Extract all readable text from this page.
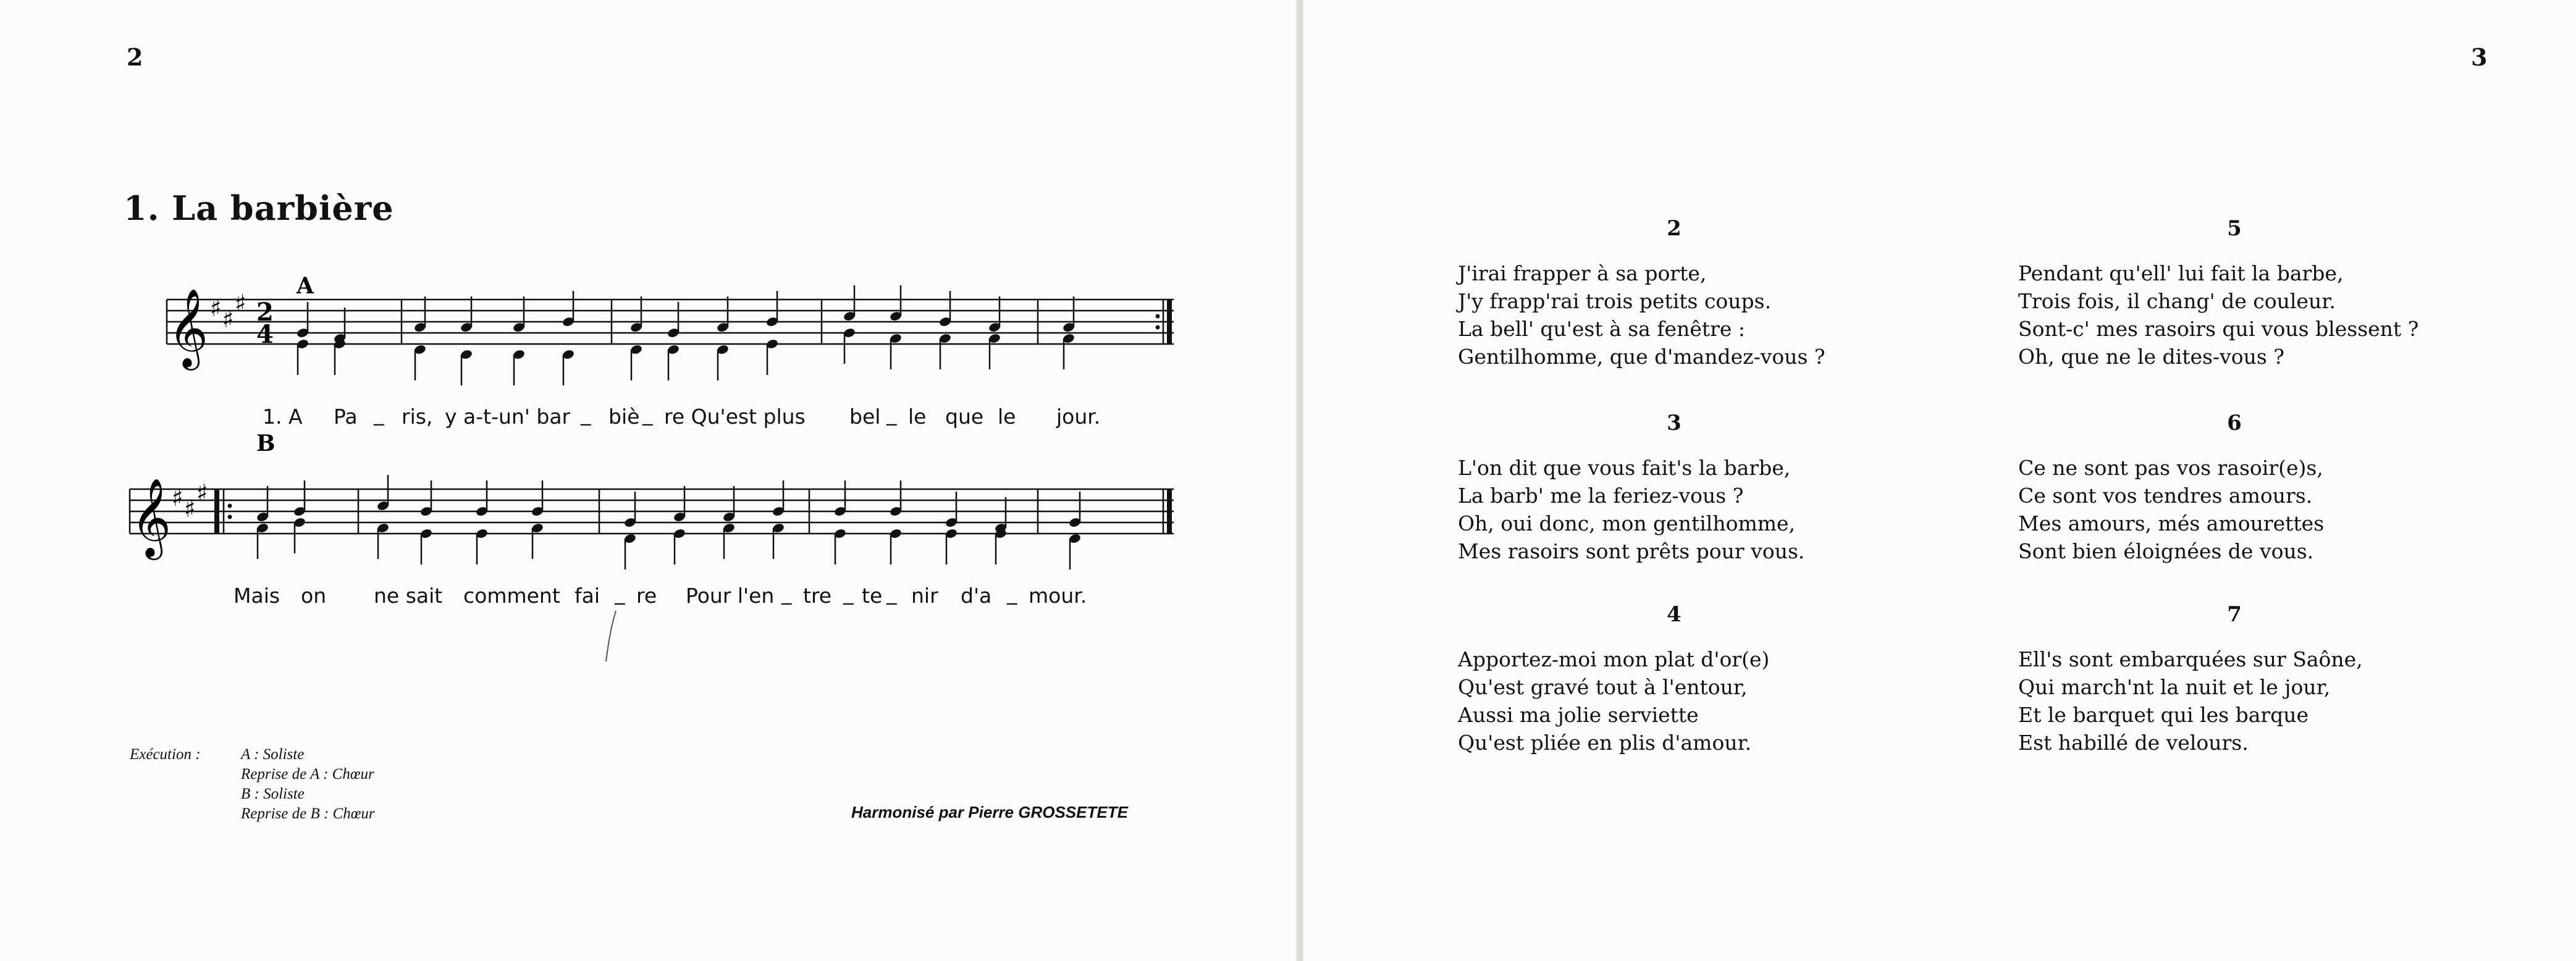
2
1. La barbière
A
𝄞 ♯ ♯
♯ 2
4
1. A Pa _ ris, y a-t-un' bar _ biè _ re Qu'est plus bel _ le que le jour.
B
𝄞 ♯ ♯
♯
Mais on ne sait comment fai _ re Pour l'en _ tre _ te _ nir d'a _ mour.
Exécution :	A : Soliste
Reprise de A : Chœur
B : Soliste
Reprise de B : Chœur	Harmonisé par Pierre GROSSETETE
3
2
J'irai frapper à sa porte,
J'y frapp'rai trois petits coups.
La bell' qu'est à sa fenêtre :
Gentilhomme, que d'mandez-vous ?
3
L'on dit que vous fait's la barbe,
La barb' me la feriez-vous ?
Oh, oui donc, mon gentilhomme,
Mes rasoirs sont prêts pour vous.
4
Apportez-moi mon plat d'or(e)
Qu'est gravé tout à l'entour,
Aussi ma jolie serviette
Qu'est pliée en plis d'amour.
5
Pendant qu'ell' lui fait la barbe,
Trois fois, il chang' de couleur.
Sont-c' mes rasoirs qui vous blessent ?
Oh, que ne le dites-vous ?
6
Ce ne sont pas vos rasoir(e)s,
Ce sont vos tendres amours.
Mes amours, més amourettes
Sont bien éloignées de vous.
7
Ell's sont embarquées sur Saône,
Qui march'nt la nuit et le jour,
Et le barquet qui les barque
Est habillé de velours.
